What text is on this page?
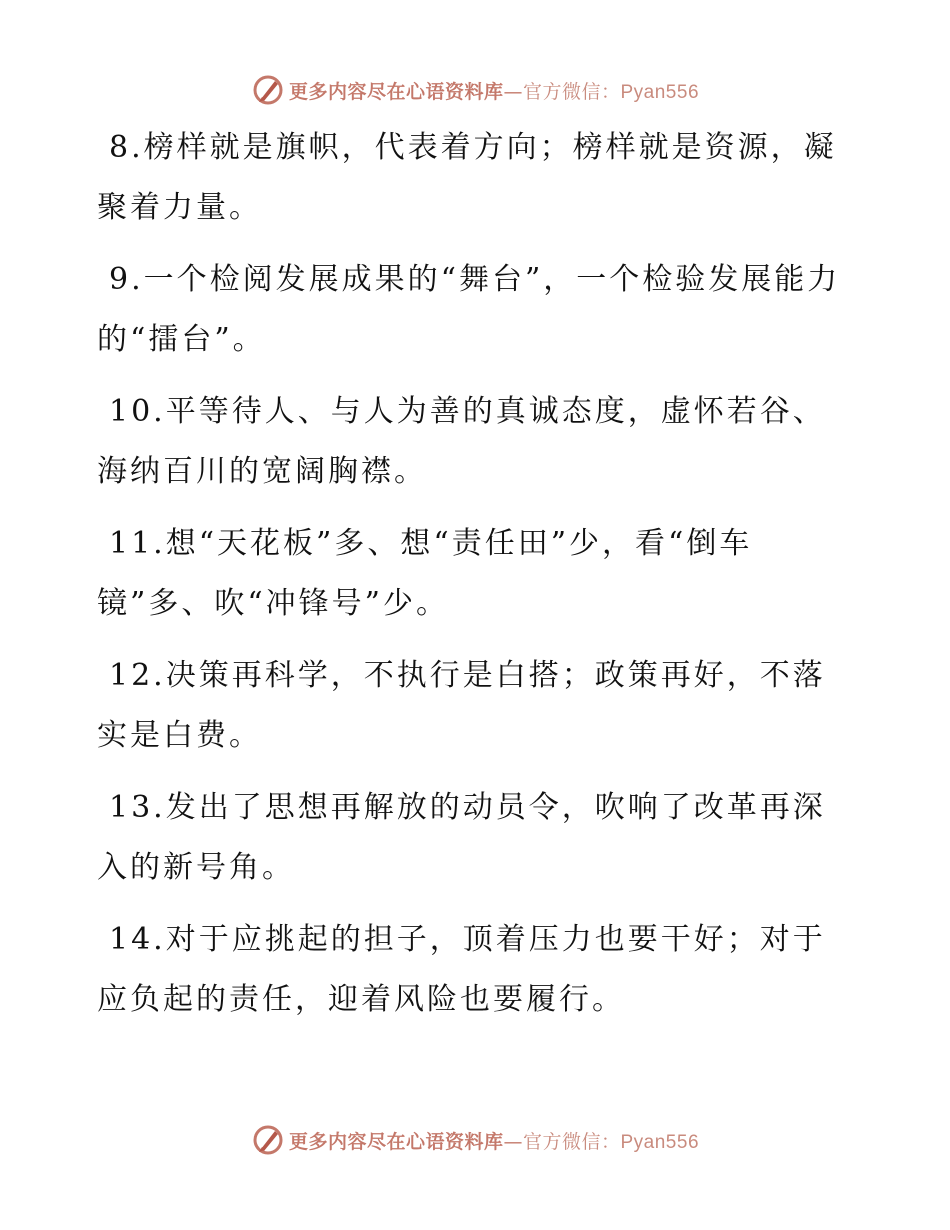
更多内容尽在心语资料库—官方微信：Pyan556

8.榜样就是旗帜，代表着方向；榜样就是资源，凝聚着力量。

9.一个检阅发展成果的“舞台”，一个检验发展能力的“擂台”。

10.平等待人、与人为善的真诚态度，虚怀若谷、海纳百川的宽阔胸襟。

11.想“天花板”多、想“责任田”少，看“倒车镜”多、吹“冲锋号”少。

12.决策再科学，不执行是白搭；政策再好，不落实是白费。

13.发出了思想再解放的动员令，吹响了改革再深入的新号角。

14.对于应挑起的担子，顶着压力也要干好；对于应负起的责任，迎着风险也要履行。

更多内容尽在心语资料库—官方微信：Pyan556
